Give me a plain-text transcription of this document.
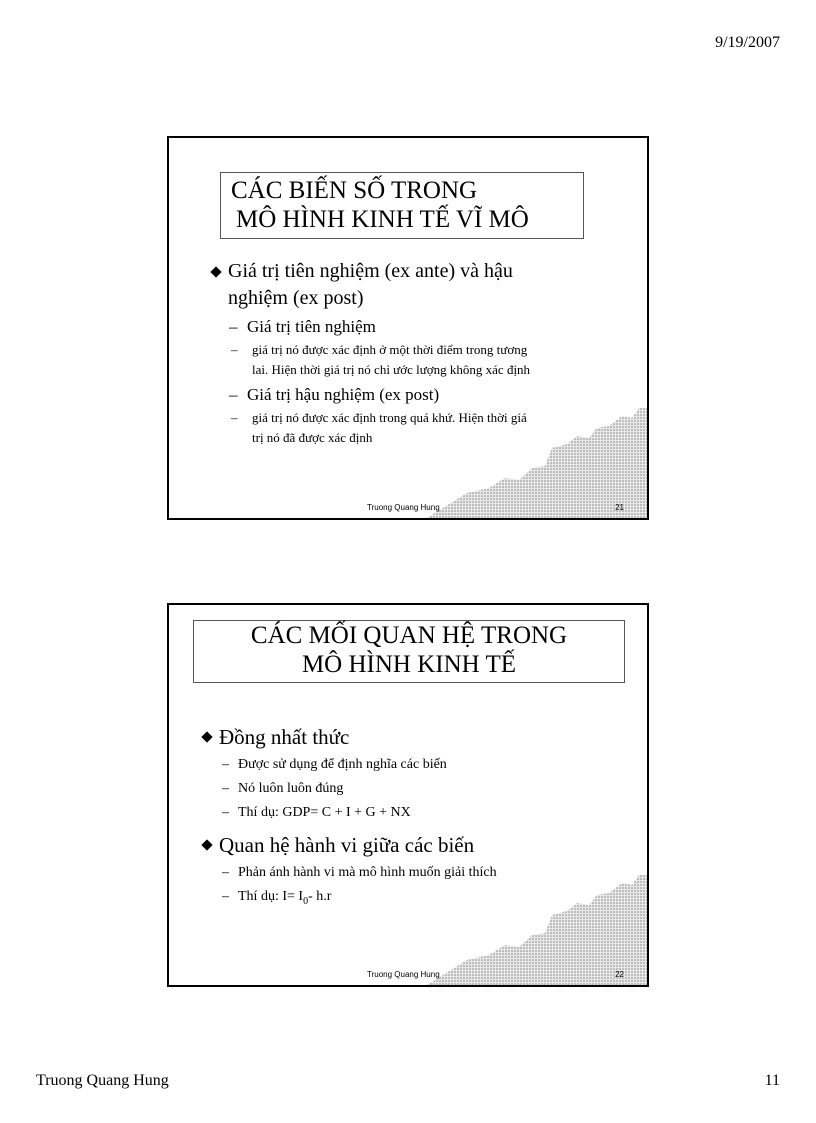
9/19/2007
CÁC BIẾN SỐ TRONG
MÔ HÌNH KINH TẾ VĨ MÔ
Giá trị tiên nghiệm (ex ante) và hậu
nghiệm (ex post)
– Giá trị tiên nghiệm
– giá trị nó được xác định ở một thời điểm trong tương
lai. Hiện thời giá trị nó chỉ ước lượng không xác định
– Giá trị hậu nghiệm (ex post)
– giá trị nó được xác định trong quá khứ. Hiện thời giá
trị nó đã được xác định
Truong Quang Hung	21
CÁC MỐI QUAN HỆ TRONG
MÔ HÌNH KINH TẾ
Đồng nhất thức
– Được sử dụng để định nghĩa các biến
– Nó luôn luôn đúng
– Thí dụ: GDP= C + I + G + NX
Quan hệ hành vi giữa các biến
– Phản ánh hành vi mà mô hình muốn giải thích
– Thí dụ: $I= I_0-$ h.r
Truong Quang Hung	22
Truong Quang Hung	11
